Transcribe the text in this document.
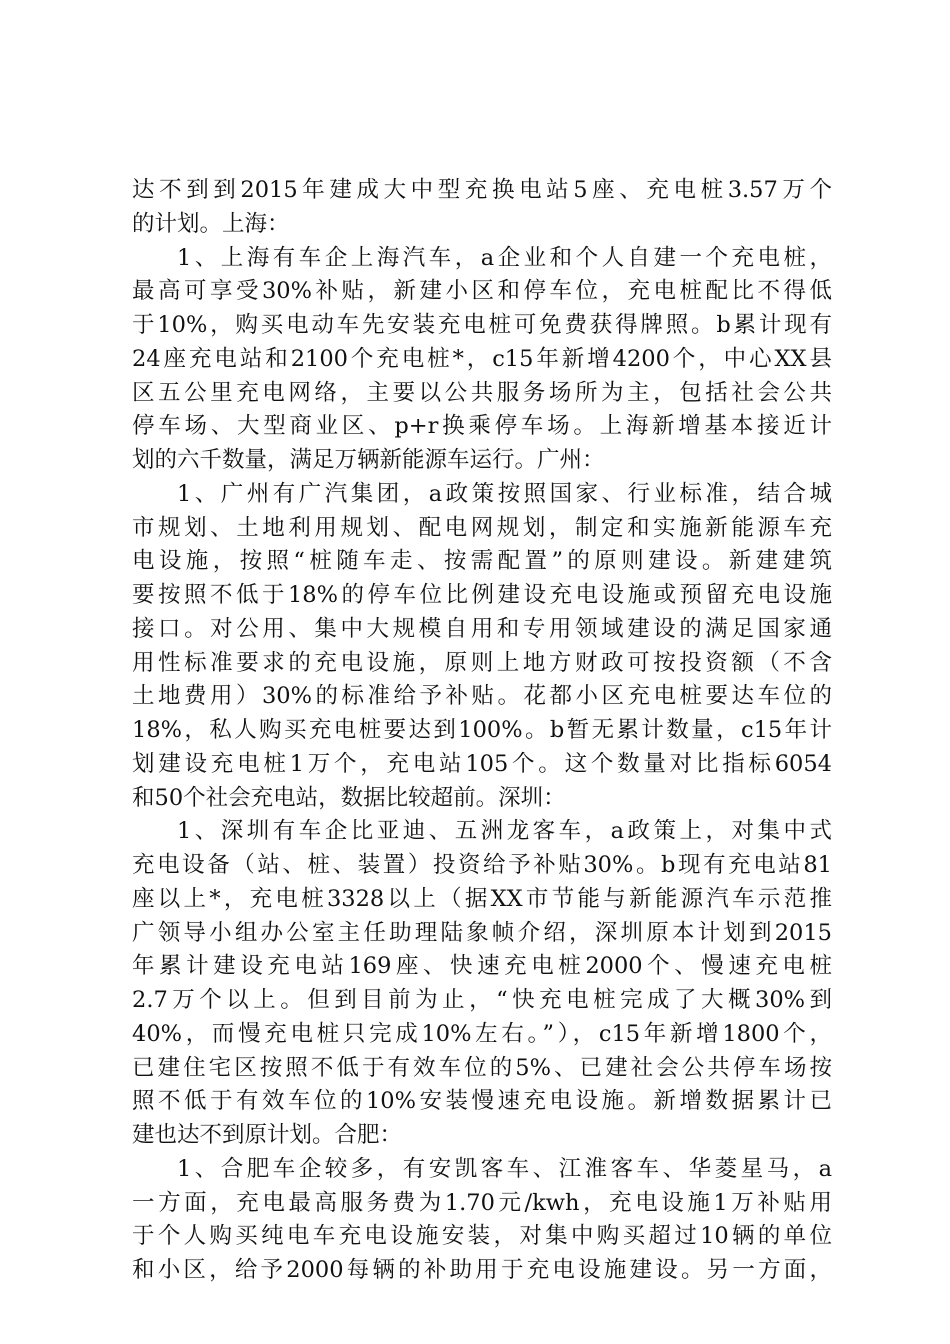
达不到到2015年建成大中型充换电站5座、充电桩3.57万个
的计划。上海：
1、上海有车企上海汽车，a企业和个人自建一个充电桩，
最高可享受30%补贴，新建小区和停车位，充电桩配比不得低
于10%，购买电动车先安装充电桩可免费获得牌照。b累计现有
24座充电站和2100个充电桩*，c15年新增4200个，中心XX县
区五公里充电网络，主要以公共服务场所为主，包括社会公共
停车场、大型商业区、p+r换乘停车场。上海新增基本接近计
划的六千数量，满足万辆新能源车运行。广州：
1、广州有广汽集团，a政策按照国家、行业标准，结合城
市规划、土地利用规划、配电网规划，制定和实施新能源车充
电设施，按照“桩随车走、按需配置”的原则建设。新建建筑
要按照不低于18%的停车位比例建设充电设施或预留充电设施
接口。对公用、集中大规模自用和专用领域建设的满足国家通
用性标准要求的充电设施，原则上地方财政可按投资额（不含
土地费用）30%的标准给予补贴。花都小区充电桩要达车位的
18%，私人购买充电桩要达到100%。b暂无累计数量，c15年计
划建设充电桩1万个，充电站105个。这个数量对比指标6054
和50个社会充电站，数据比较超前。深圳：
1、深圳有车企比亚迪、五洲龙客车，a政策上，对集中式
充电设备（站、桩、装置）投资给予补贴30%。b现有充电站81
座以上*，充电桩3328以上（据XX市节能与新能源汽车示范推
广领导小组办公室主任助理陆象帧介绍，深圳原本计划到2015
年累计建设充电站169座、快速充电桩2000个、慢速充电桩
2.7万个以上。但到目前为止，“快充电桩完成了大概30%到
40%，而慢充电桩只完成10%左右。”），c15年新增1800个，
已建住宅区按照不低于有效车位的5%、已建社会公共停车场按
照不低于有效车位的10%安装慢速充电设施。新增数据累计已
建也达不到原计划。合肥：
1、合肥车企较多，有安凯客车、江淮客车、华菱星马，a
一方面，充电最高服务费为1.70元/kwh，充电设施1万补贴用
于个人购买纯电车充电设施安装，对集中购买超过10辆的单位
和小区，给予2000每辆的补助用于充电设施建设。另一方面，
